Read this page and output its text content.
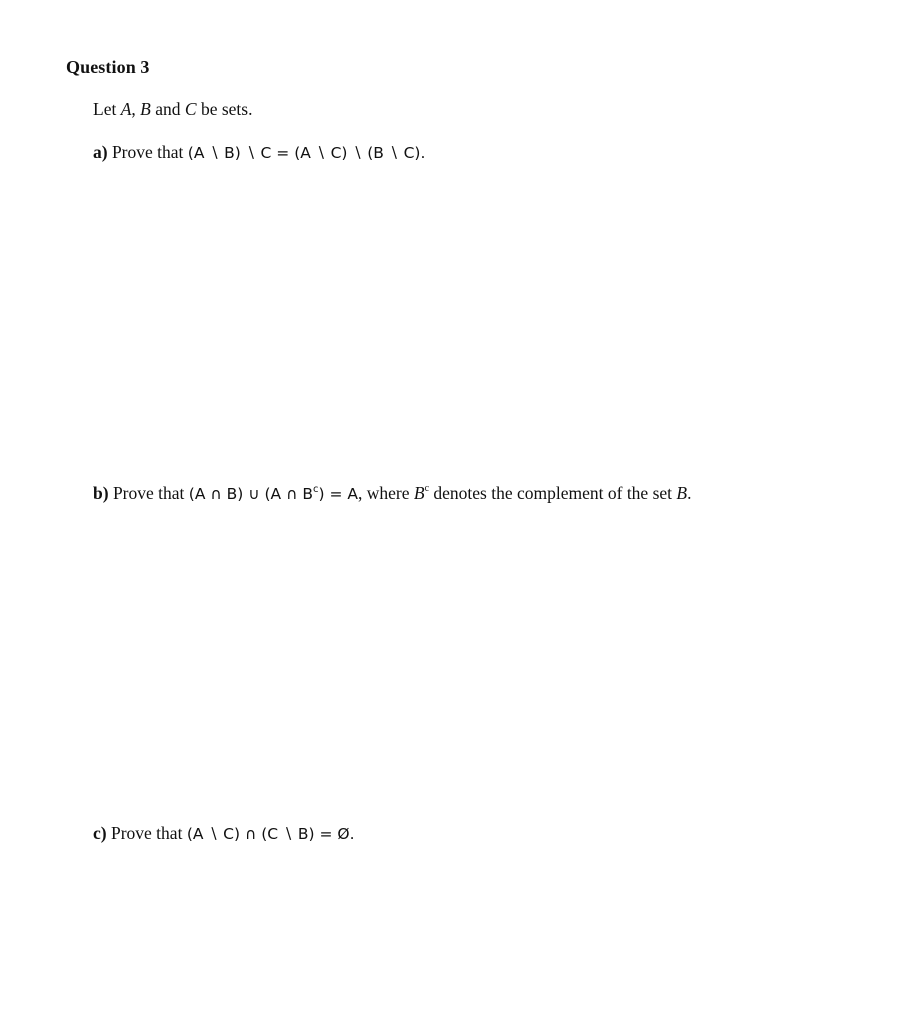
Question 3
Let A, B and C be sets.
a) Prove that (A ∖ B) ∖ C = (A ∖ C) ∖ (B ∖ C).
b) Prove that (A ∩ B) ∪ (A ∩ $B^c) = A$, where $B^c$ denotes the complement of the set B.
c) Prove that (A ∖ C) ∩ (C ∖ B) = Ø.
